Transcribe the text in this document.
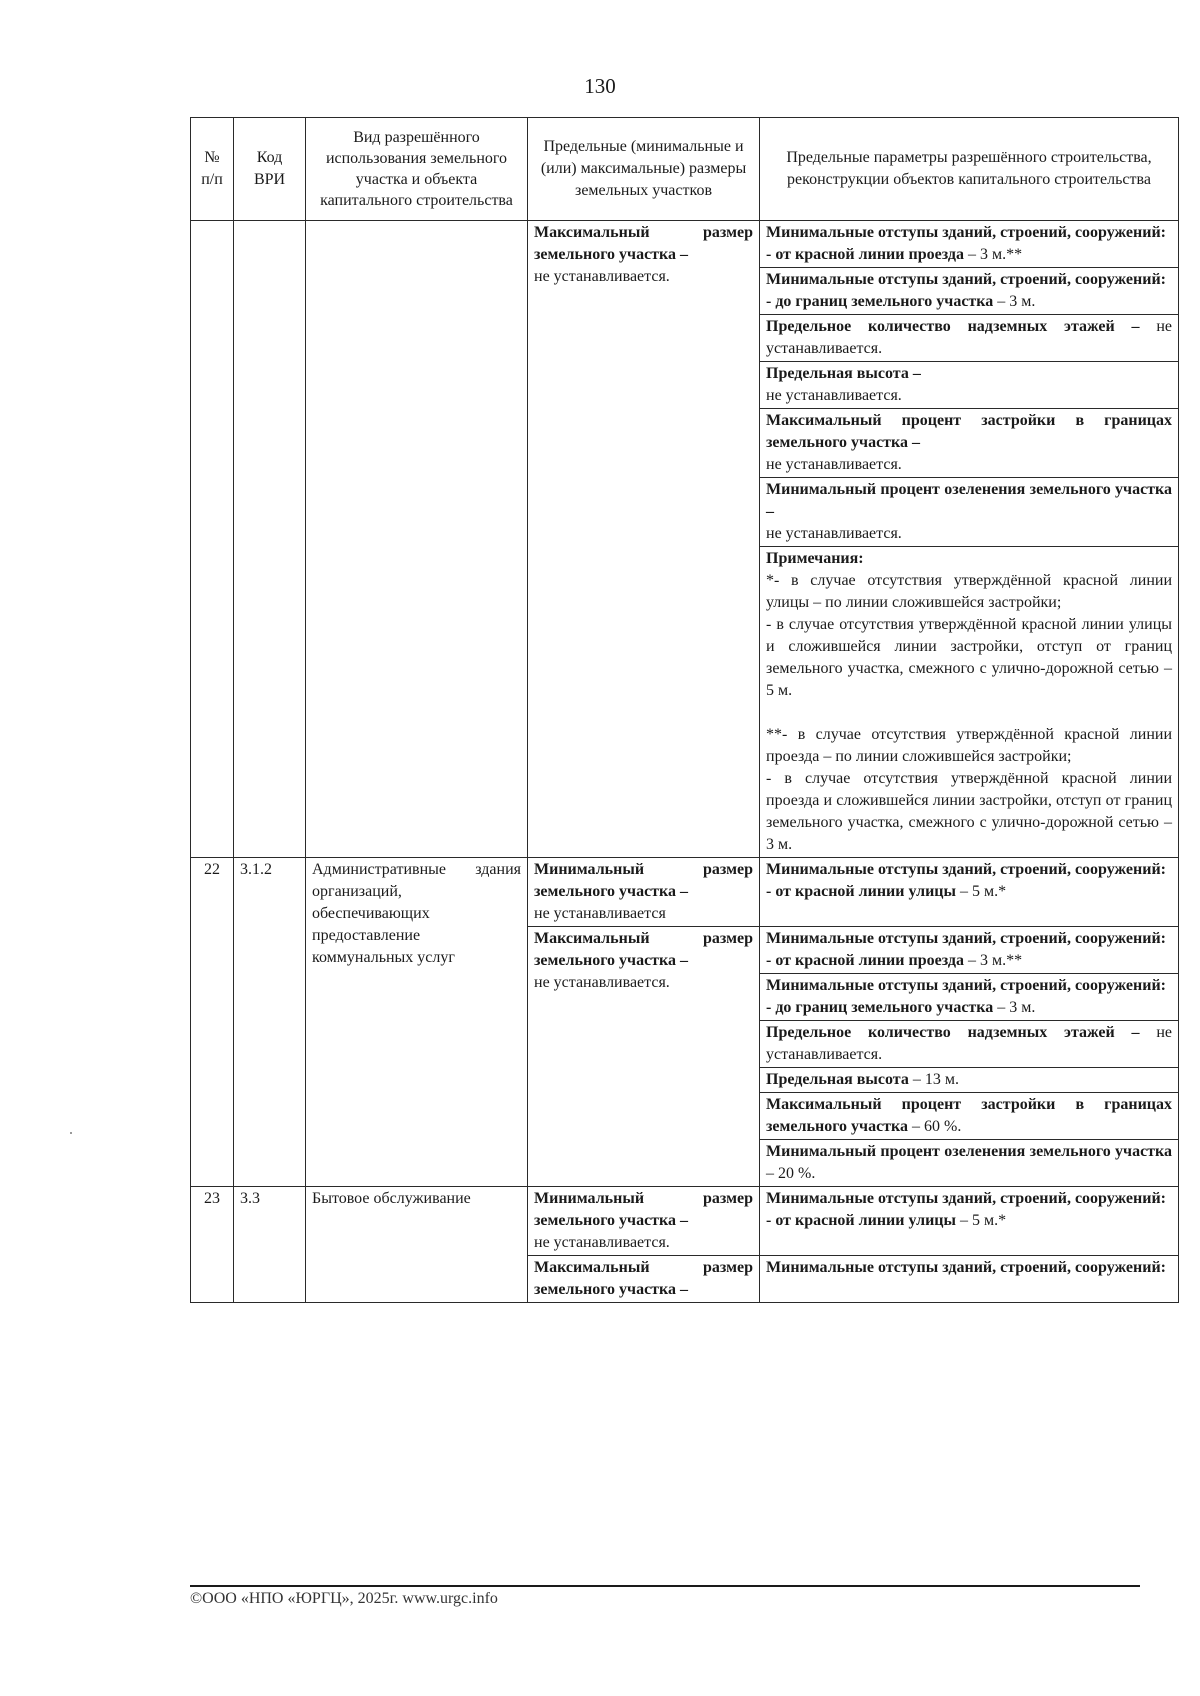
130
№ п/п	Код ВРИ	Вид разрешённого использования земельного участка и объекта капитального строительства	Предельные (минимальные и (или) максимальные) размеры земельных участков	Предельные параметры разрешённого строительства, реконструкции объектов капитального строительства
			Максимальный размер земельного участка –
не устанавливается.	Минимальные отступы зданий, строений, сооружений:
- от красной линии проезда – 3 м.**
				Минимальные отступы зданий, строений, сооружений:
- до границ земельного участка – 3 м.
				Предельное количество надземных этажей – не устанавливается.
				Предельная высота –
не устанавливается.
				Максимальный процент застройки в границах земельного участка –
не устанавливается.
				Минимальный процент озеленения земельного участка –
не устанавливается.

				Примечания:
*- в случае отсутствия утверждённой красной линии улицы – по линии сложившейся застройки;
- в случае отсутствия утверждённой красной линии улицы и сложившейся линии застройки, отступ от границ земельного участка, смежного с улично-дорожной сетью – 5 м.
**- в случае отсутствия утверждённой красной линии проезда – по линии сложившейся застройки;
- в случае отсутствия утверждённой красной линии проезда и сложившейся линии застройки, отступ от границ земельного участка, смежного с улично-дорожной сетью – 3 м.

22	3.1.2	Административные здания организаций, обеспечивающих предоставление коммунальных услуг	Минимальный размер земельного участка –
не устанавливается	Минимальные отступы зданий, строений, сооружений:
- от красной линии улицы – 5 м.*
			Максимальный размер земельного участка –
не устанавливается.	Минимальные отступы зданий, строений, сооружений:
- от красной линии проезда – 3 м.**
				Минимальные отступы зданий, строений, сооружений:
- до границ земельного участка – 3 м.
				Предельное количество надземных этажей – не устанавливается.
				Предельная высота – 13 м.
				Максимальный процент застройки в границах земельного участка – 60 %.
				Минимальный процент озеленения земельного участка – 20 %.
23	3.3	Бытовое обслуживание	Минимальный размер земельного участка –
не устанавливается.	Минимальные отступы зданий, строений, сооружений:
- от красной линии улицы – 5 м.*
			Максимальный размер земельного участка –	Минимальные отступы зданий, строений, сооружений:
©ООО «НПО «ЮРГЦ», 2025г. www.urgc.info
